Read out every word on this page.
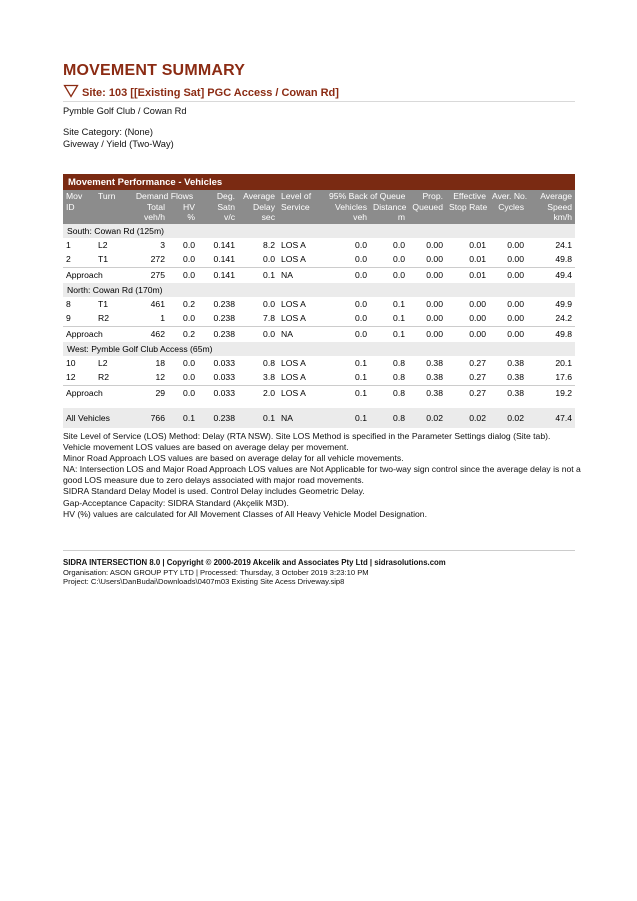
MOVEMENT SUMMARY
Site: 103 [[Existing Sat] PGC Access / Cowan Rd]
Pymble Golf Club / Cowan Rd
Site Category: (None)
Giveway / Yield (Two-Way)
Movement Performance - Vehicles												
Mov	Turn	Demand Flows		Deg.	Average	Level of	95% Back of Queue		Prop.	Effective	Aver. No.	Average
ID		Total	HV	Satn	Delay	Service	Vehicles	Distance	Queued	Stop Rate	Cycles	Speed
		veh/h	%	v/c	sec		veh	m				km/h
South: Cowan Rd (125m)												
1	L2	3	0.0	0.141	8.2	LOS A	0.0	0.0	0.00	0.01	0.00	24.1
2	T1	272	0.0	0.141	0.0	LOS A	0.0	0.0	0.00	0.01	0.00	49.8
Approach		275	0.0	0.141	0.1	NA	0.0	0.0	0.00	0.01	0.00	49.4
North: Cowan Rd (170m)												
8	T1	461	0.2	0.238	0.0	LOS A	0.0	0.1	0.00	0.00	0.00	49.9
9	R2	1	0.0	0.238	7.8	LOS A	0.0	0.1	0.00	0.00	0.00	24.2
Approach		462	0.2	0.238	0.0	NA	0.0	0.1	0.00	0.00	0.00	49.8
West: Pymble Golf Club Access (65m)												
10	L2	18	0.0	0.033	0.8	LOS A	0.1	0.8	0.38	0.27	0.38	20.1
12	R2	12	0.0	0.033	3.8	LOS A	0.1	0.8	0.38	0.27	0.38	17.6
Approach		29	0.0	0.033	2.0	LOS A	0.1	0.8	0.38	0.27	0.38	19.2

All Vehicles		766	0.1	0.238	0.1	NA	0.1	0.8	0.02	0.02	0.02	47.4

Site Level of Service (LOS) Method: Delay (RTA NSW). Site LOS Method is specified in the Parameter Settings dialog (Site tab).

Vehicle movement LOS values are based on average delay per movement.

Minor Road Approach LOS values are based on average delay for all vehicle movements.

NA: Intersection LOS and Major Road Approach LOS values are Not Applicable for two-way sign control since the average delay is not a good LOS measure due to zero delays associated with major road movements.

SIDRA Standard Delay Model is used. Control Delay includes Geometric Delay.

Gap-Acceptance Capacity: SIDRA Standard (Akçelik M3D).

HV (%) values are calculated for All Movement Classes of All Heavy Vehicle Model Designation.

SIDRA INTERSECTION 8.0 | Copyright © 2000-2019 Akcelik and Associates Pty Ltd | sidrasolutions.com
Organisation: ASON GROUP PTY LTD | Processed: Thursday, 3 October 2019 3:23:10 PM
Project: C:\Users\DanBudai\Downloads\0407m03 Existing Site Acess Driveway.sip8
